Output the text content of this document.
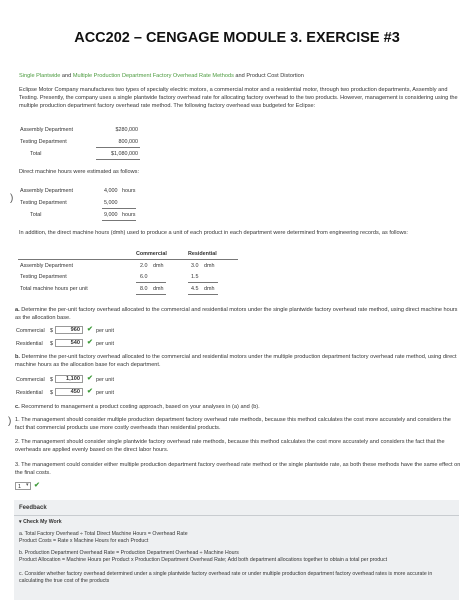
ACC202 – CENGAGE MODULE 3. EXERCISE #3
Single Plantwide and Multiple Production Department Factory Overhead Rate Methods and Product Cost Distortion
Eclipse Motor Company manufactures two types of specialty electric motors, a commercial motor and a residential motor, through two production departments, Assembly and Testing. Presently, the company uses a single plantwide factory overhead rate for allocating factory overhead to the two products. However, management is considering using the multiple production department factory overhead rate method. The following factory overhead was budgeted for Eclipse:
Assembly Department	$280,000
Testing Department	800,000
Total	$1,080,000
Direct machine hours were estimated as follows:
)
Assembly Department	4,000 hours
Testing Department	5,000
Total	9,000 hours
In addition, the direct machine hours (dmh) used to produce a unit of each product in each department were determined from engineering records, as follows:
Commercial	Residential
Assembly Department	2.0 dmh	3.0 dmh
Testing Department	6.0	1.5
Total machine hours per unit	8.0 dmh	4.5 dmh
a. Determine the per-unit factory overhead allocated to the commercial and residential motors under the single plantwide factory overhead rate method, using direct machine hours as the allocation base.
Commercial $	960	✔ per unit
Residential $	540	✔ per unit
b. Determine the per-unit factory overhead allocated to the commercial and residential motors under the multiple production department factory overhead rate method, using direct machine hours as the allocation base for each department.
Commercial $	1,100	✔ per unit
Residential $	450	✔ per unit
c. Recommend to management a product costing approach, based on your analyses in (a) and (b).
) 1. The management should consider multiple production department factory overhead rate methods, because this method calculates the cost more accurately and considers the fact that commercial products use more costly overheads than residential products.
2. The management should consider single plantwide factory overhead rate methods, because this method calculates the cost more accurately and considers the fact that the overheads are applied evenly based on the direct labor hours.
3. The management could consider either multiple production department factory overhead rate method or the single plantwide rate, as both these methods have the same effect on the final costs.
1 ▾ ✔
Feedback
▾ Check My Work
a. Total Factory Overhead ÷ Total Direct Machine Hours = Overhead Rate
Product Costs = Rate x Machine Hours for each Product
b. Production Department Overhead Rate = Production Department Overhead ÷ Machine Hours
Product Allocation = Machine Hours per Product x Production Department Overhead Rate; Add both department allocations together to obtain a total per product
c. Consider whether factory overhead determined under a single plantwide factory overhead rate or under multiple production department factory overhead rates is more accurate in
calculating the true cost of the products
